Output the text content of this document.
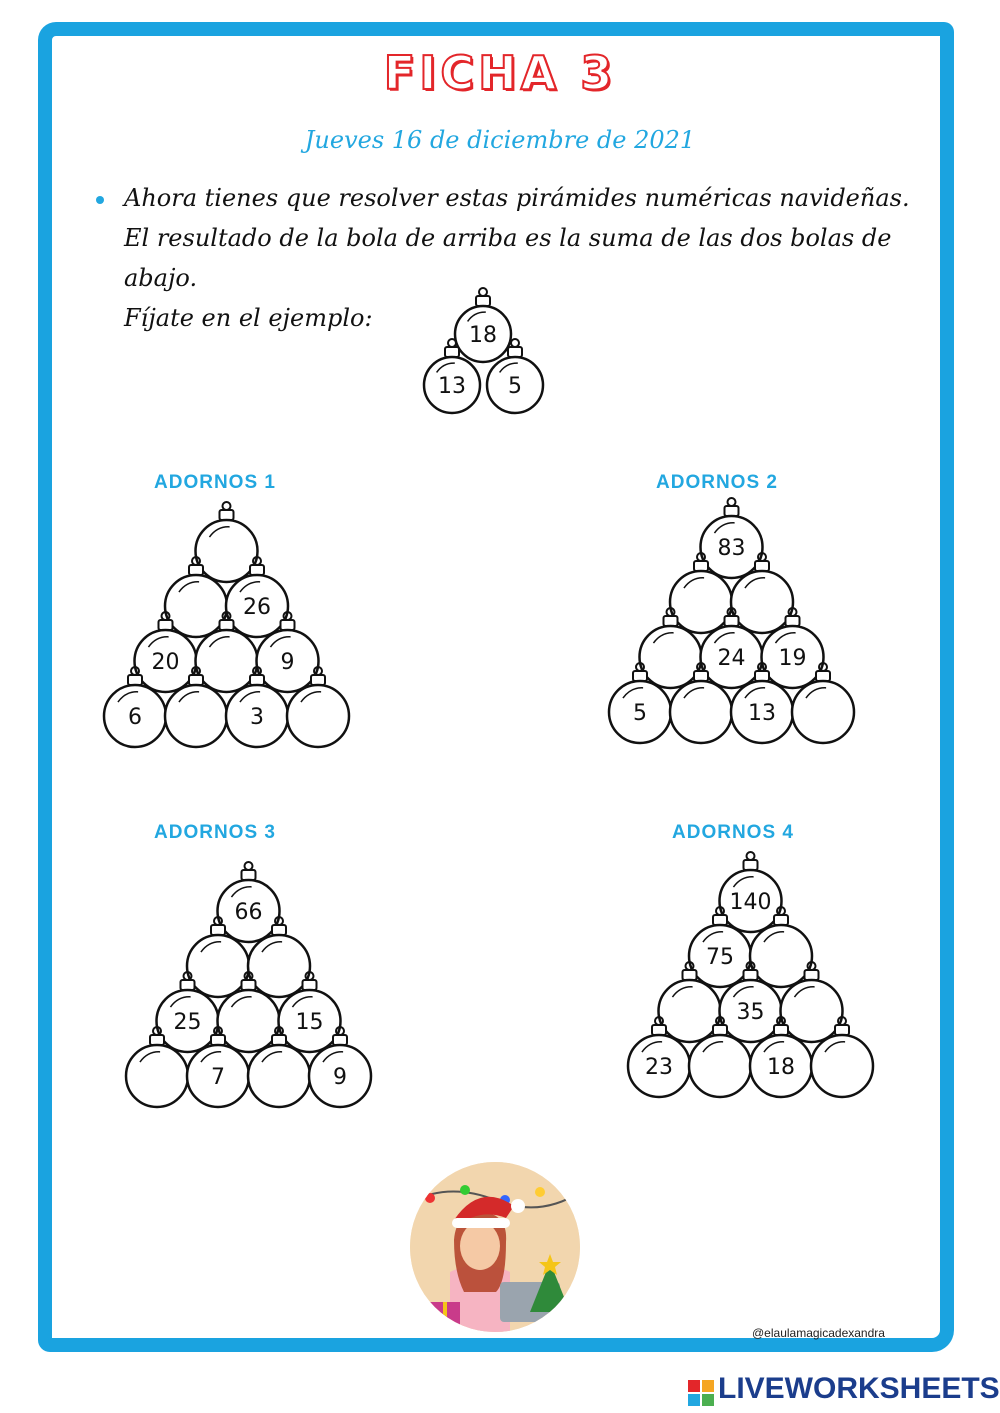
FICHA 3
Jueves 16 de diciembre de 2021
Ahora tienes que resolver estas pirámides numéricas navideñas. El resultado de la bola de arriba es la suma de las dos bolas de abajo.
Fíjate en el ejemplo:
ADORNOS 1	ADORNOS 2
ADORNOS 3	ADORNOS 4
18
13 5
26
20	9
6	3
83
24 19
5	13
66
25	15
7	9
140
75
35
23	18
@elaulamagicadexandra
LIVEWORKSHEETS
